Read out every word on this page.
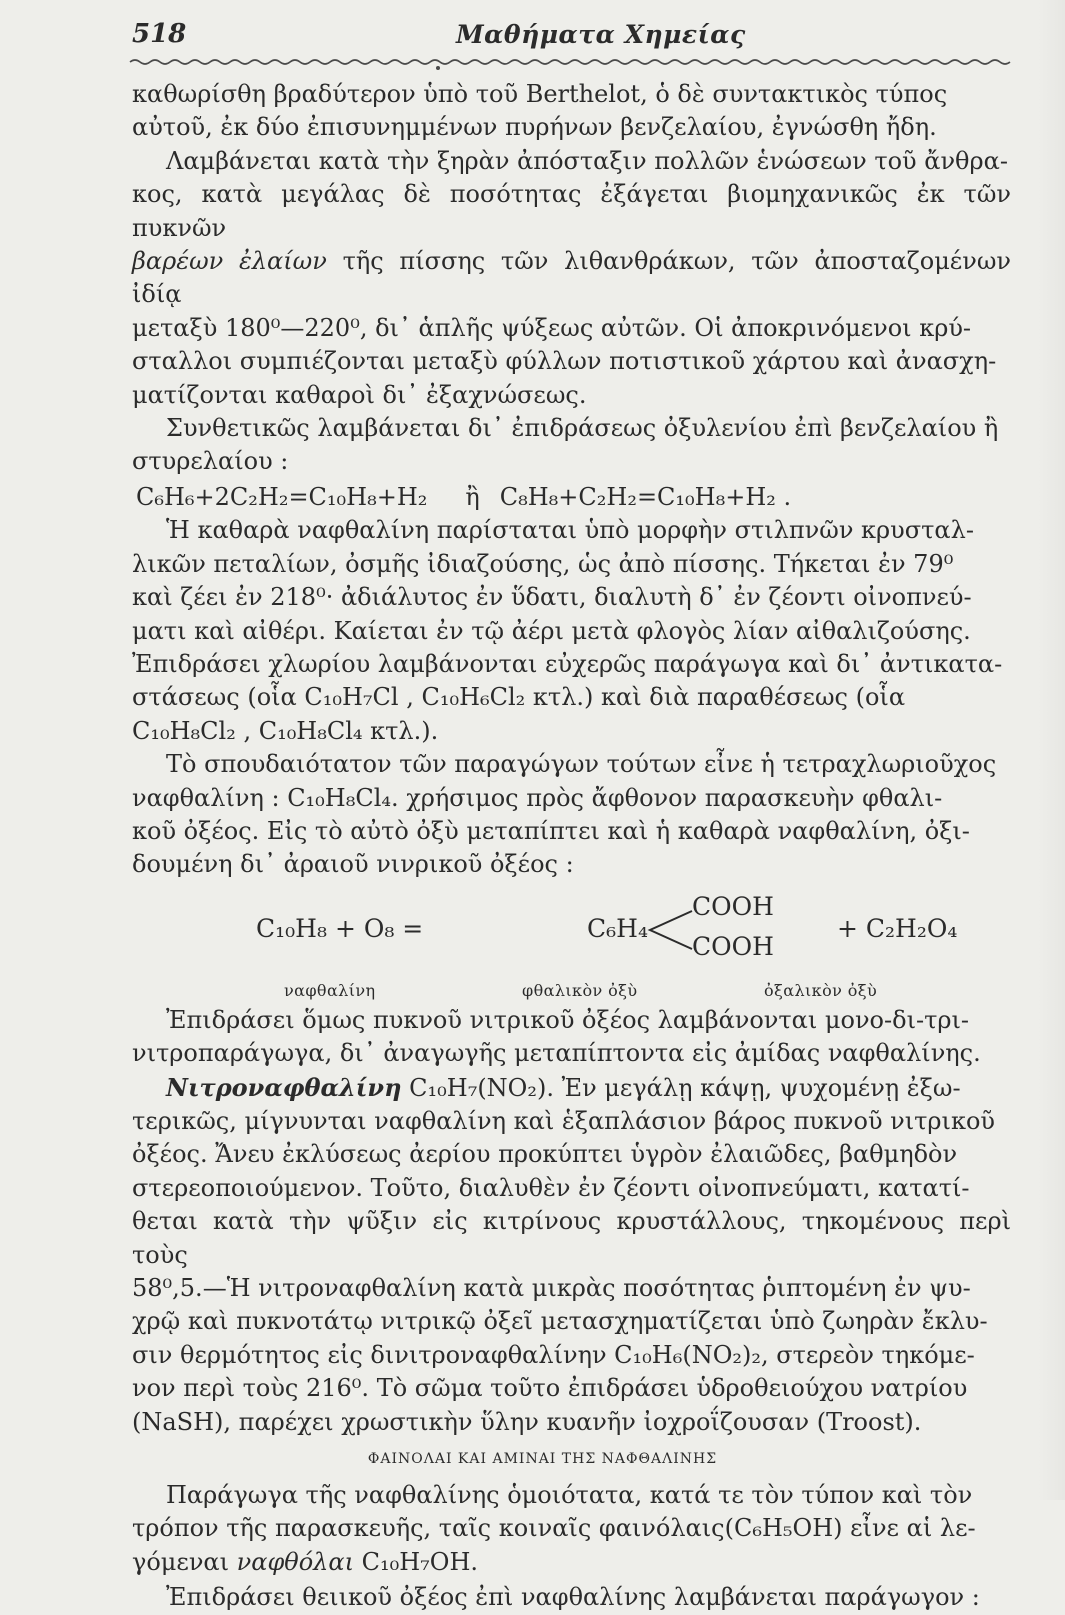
518	Μαθήματα Χημείας

καθωρίσθη βραδύτερον ὑπὸ τοῦ Berthelot, ὁ δὲ συντακτικὸς τύπος

αὐτοῦ, ἐκ δύο ἐπισυνημμένων πυρήνων βενζελαίου, ἐγνώσθη ἤδη.

Λαμβάνεται κατὰ τὴν ξηρὰν ἀπόσταξιν πολλῶν ἑνώσεων τοῦ ἄνθρα-

κος, κατὰ μεγάλας δὲ ποσότητας ἐξάγεται βιομηχανικῶς ἐκ τῶν πυκνῶν

βαρέων ἐλαίων τῆς πίσσης τῶν λιθανθράκων, τῶν ἀποσταζομένων ἰδίᾳ

μεταξὺ 180⁰—220⁰, δι᾽ ἁπλῆς ψύξεως αὐτῶν. Οἱ ἀποκρινόμενοι κρύ-

σταλλοι συμπιέζονται μεταξὺ φύλλων ποτιστικοῦ χάρτου καὶ ἀνασχη-

ματίζονται καθαροὶ δι᾽ ἐξαχνώσεως.

Συνθετικῶς λαμβάνεται δι᾽ ἐπιδράσεως ὀξυλενίου ἐπὶ βενζελαίου ἢ

στυρελαίου :

C₆H₆+2C₂H₂=C₁₀H₈+H₂ ἢ C₈H₈+C₂H₂=C₁₀H₈+H₂ .

Ἡ καθαρὰ ναφθαλίνη παρίσταται ὑπὸ μορφὴν στιλπνῶν κρυσταλ-

λικῶν πεταλίων, ὀσμῆς ἰδιαζούσης, ὡς ἀπὸ πίσσης. Τήκεται ἐν 79⁰

καὶ ζέει ἐν 218⁰· ἀδιάλυτος ἐν ὕδατι, διαλυτὴ δ᾽ ἐν ζέοντι οἰνοπνεύ-

ματι καὶ αἰθέρι. Καίεται ἐν τῷ ἀέρι μετὰ φλογὸς λίαν αἰθαλιζούσης.

Ἐπιδράσει χλωρίου λαμβάνονται εὐχερῶς παράγωγα καὶ δι᾽ ἀντικατα-

στάσεως (οἷα C₁₀H₇Cl , C₁₀H₆Cl₂ κτλ.) καὶ διὰ παραθέσεως (οἷα

C₁₀H₈Cl₂ , C₁₀H₈Cl₄ κτλ.).

Τὸ σπουδαιότατον τῶν παραγώγων τούτων εἶνε ἡ τετραχλωριοῦχος

ναφθαλίνη : C₁₀H₈Cl₄. χρήσιμος πρὸς ἄφθονον παρασκευὴν φθαλι-

κοῦ ὀξέος. Εἰς τὸ αὐτὸ ὀξὺ μεταπίπτει καὶ ἡ καθαρὰ ναφθαλίνη, ὀξι-

δουμένη δι᾽ ἀραιοῦ νινρικοῦ ὀξέος :

C₁₀H₈ + O₈ =	C₆H₄
COOH
COOH
+ C₂H₂O₄
ναφθαλίνη	φθαλικὸν ὀξὺ	ὀξαλικὸν ὀξὺ

Ἐπιδράσει ὅμως πυκνοῦ νιτρικοῦ ὀξέος λαμβάνονται μονο-δι-τρι-

νιτροπαράγωγα, δι᾽ ἀναγωγῆς μεταπίπτοντα εἰς ἀμίδας ναφθαλίνης.

Νιτροναφθαλίνη C₁₀H₇(NO₂). Ἐν μεγάλῃ κάψῃ, ψυχομένῃ ἐξω-

τερικῶς, μίγνυνται ναφθαλίνη καὶ ἑξαπλάσιον βάρος πυκνοῦ νιτρικοῦ

ὀξέος. Ἄνευ ἐκλύσεως ἀερίου προκύπτει ὑγρὸν ἐλαιῶδες, βαθμηδὸν

στερεοποιούμενον. Τοῦτο, διαλυθὲν ἐν ζέοντι οἰνοπνεύματι, κατατί-

θεται κατὰ τὴν ψῦξιν εἰς κιτρίνους κρυστάλλους, τηκομένους περὶ τοὺς

58⁰,5.—Ἡ νιτροναφθαλίνη κατὰ μικρὰς ποσότητας ῥιπτομένη ἐν ψυ-

χρῷ καὶ πυκνοτάτῳ νιτρικῷ ὀξεῖ μετασχηματίζεται ὑπὸ ζωηρὰν ἔκλυ-

σιν θερμότητος εἰς δινιτροναφθαλίνην C₁₀H₆(NO₂)₂, στερεὸν τηκόμε-

νον περὶ τοὺς 216⁰. Τὸ σῶμα τοῦτο ἐπιδράσει ὑδροθειούχου νατρίου

(NaSH), παρέχει χρωστικὴν ὕλην κυανῆν ἰοχροΐζουσαν (Troost).

ΦΑΙΝΟΛΑΙ ΚΑΙ ΑΜΙΝΑΙ ΤΗΣ ΝΑΦΘΑΛΙΝΗΣ

Παράγωγα τῆς ναφθαλίνης ὁμοιότατα, κατά τε τὸν τύπον καὶ τὸν

τρόπον τῆς παρασκευῆς, ταῖς κοιναῖς φαινόλαις(C₆H₅OH) εἶνε αἱ λε-

γόμεναι ναφθόλαι C₁₀H₇OH.

Ἐπιδράσει θειικοῦ ὀξέος ἐπὶ ναφθαλίνης λαμβάνεται παράγωγον :
